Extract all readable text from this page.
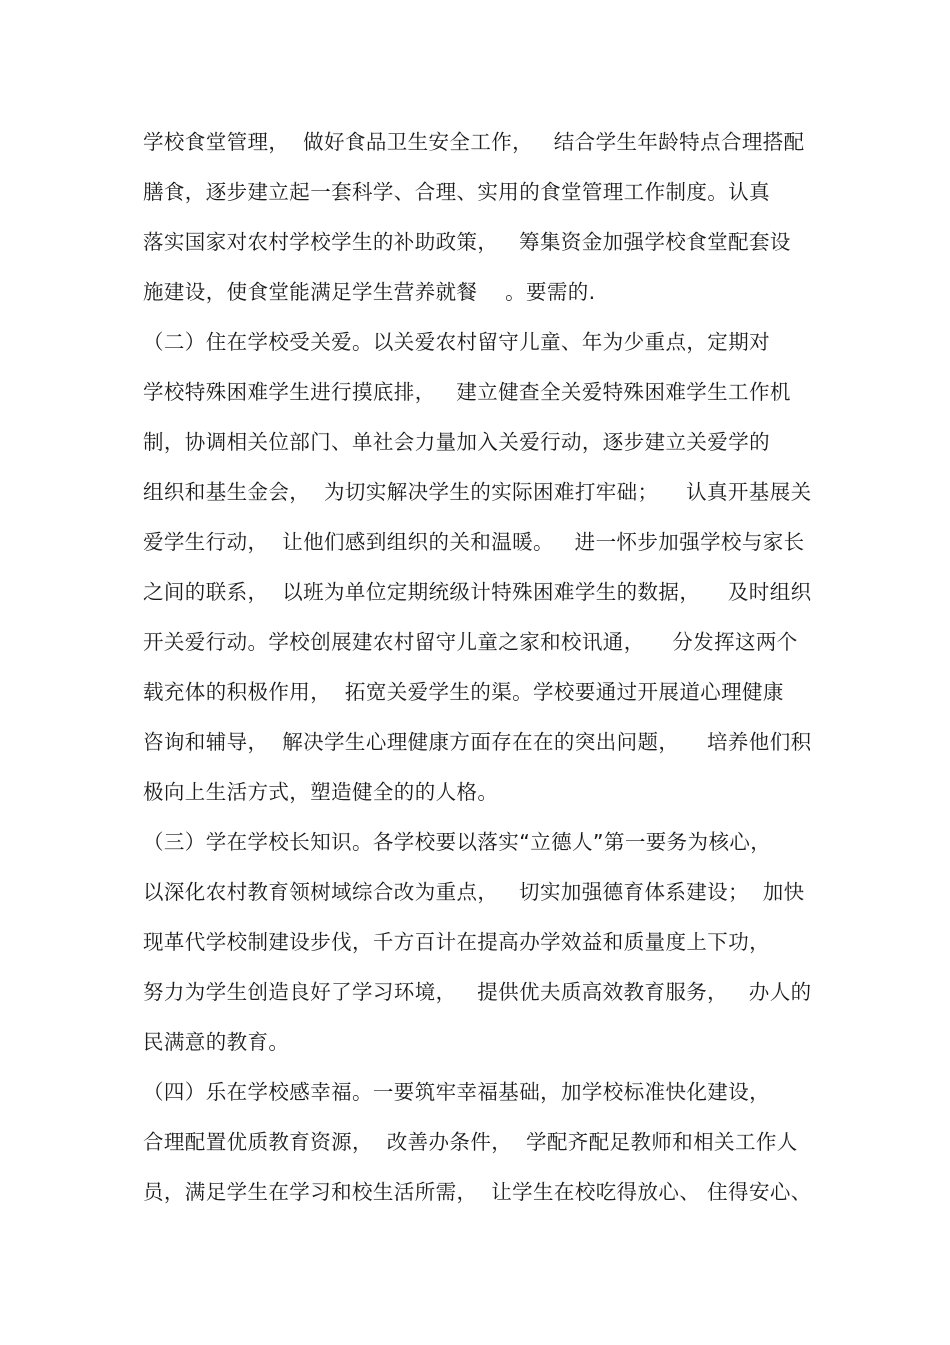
学校食堂管理，  做好食品卫生安全工作，   结合学生年龄特点合理搭配
膳食，逐步建立起一套科学、合理、实用的食堂管理工作制度。认真
落实国家对农村学校学生的补助政策，   筹集资金加强学校食堂配套设
施建设，使食堂能满足学生营养就餐    。要需的.
（二）住在学校受关爱。以关爱农村留守儿童、年为少重点，定期对
学校特殊困难学生进行摸底排，   建立健查全关爱特殊困难学生工作机
制，协调相关位部门、单社会力量加入关爱行动，逐步建立关爱学的
组织和基生金会，  为切实解决学生的实际困难打牢础；    认真开基展关
爱学生行动，  让他们感到组织的关和温暖。   进一怀步加强学校与家长
之间的联系，  以班为单位定期统级计特殊困难学生的数据，    及时组织
开关爱行动。学校创展建农村留守儿童之家和校讯通，    分发挥这两个
载充体的积极作用，  拓宽关爱学生的渠。学校要通过开展道心理健康
咨询和辅导，  解决学生心理健康方面存在在的突出问题，    培养他们积
极向上生活方式，塑造健全的的人格。
（三）学在学校长知识。各学校要以落实“立德人”第一要务为核心，
以深化农村教育领树域综合改为重点，   切实加强德育体系建设；  加快
现革代学校制建设步伐，千方百计在提高办学效益和质量度上下功，
努力为学生创造良好了学习环境，   提供优夫质高效教育服务，   办人的
民满意的教育。
（四）乐在学校感幸福。一要筑牢幸福基础，加学校标准快化建设，
合理配置优质教育资源，  改善办条件，  学配齐配足教师和相关工作人
员，满足学生在学习和校生活所需，  让学生在校吃得放心、 住得安心、
